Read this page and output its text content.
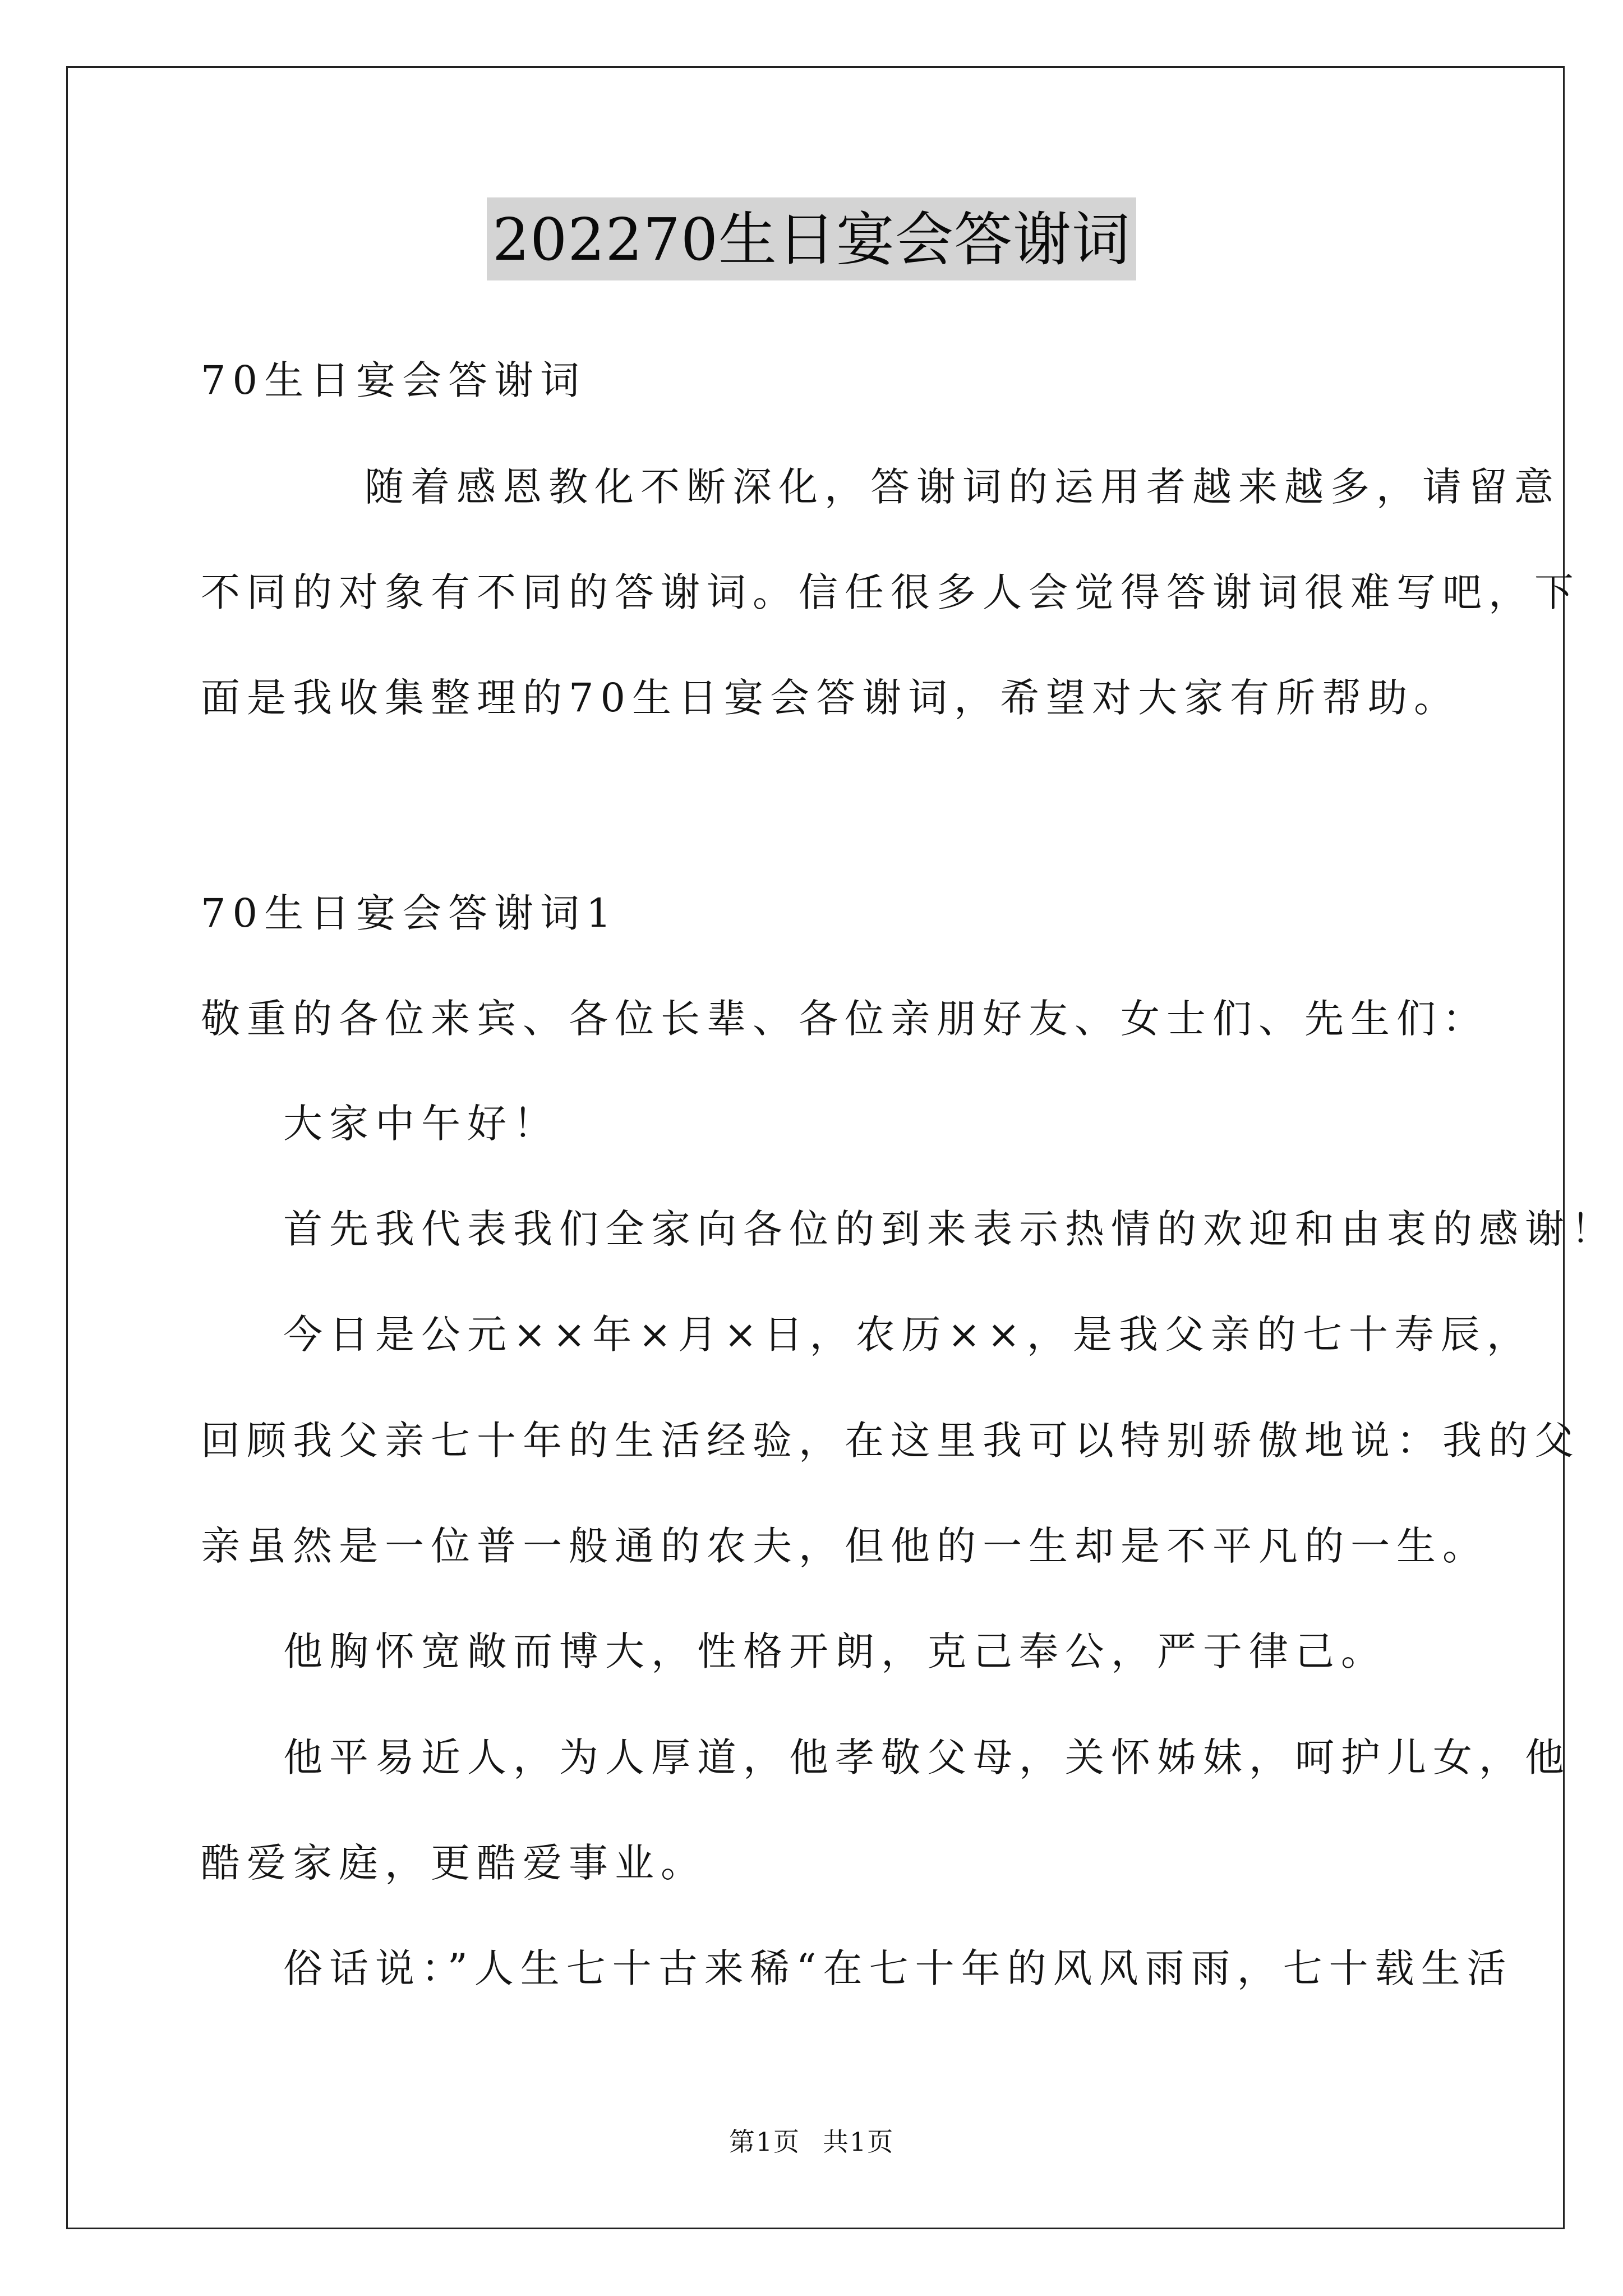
202270生日宴会答谢词
70生日宴会答谢词
随着感恩教化不断深化，答谢词的运用者越来越多，请留意
不同的对象有不同的答谢词。信任很多人会觉得答谢词很难写吧，下
面是我收集整理的70生日宴会答谢词，希望对大家有所帮助。
70生日宴会答谢词1
敬重的各位来宾、各位长辈、各位亲朋好友、女士们、先生们：
大家中午好！
首先我代表我们全家向各位的到来表示热情的欢迎和由衷的感谢！
今日是公元××年×月×日，农历××，是我父亲的七十寿辰，
回顾我父亲七十年的生活经验，在这里我可以特别骄傲地说：我的父
亲虽然是一位普一般通的农夫，但他的一生却是不平凡的一生。
他胸怀宽敞而博大，性格开朗，克己奉公，严于律己。
他平易近人，为人厚道，他孝敬父母，关怀姊妹，呵护儿女，他
酷爱家庭，更酷爱事业。
俗话说：”人生七十古来稀“在七十年的风风雨雨，七十载生活
第1页 共1页
